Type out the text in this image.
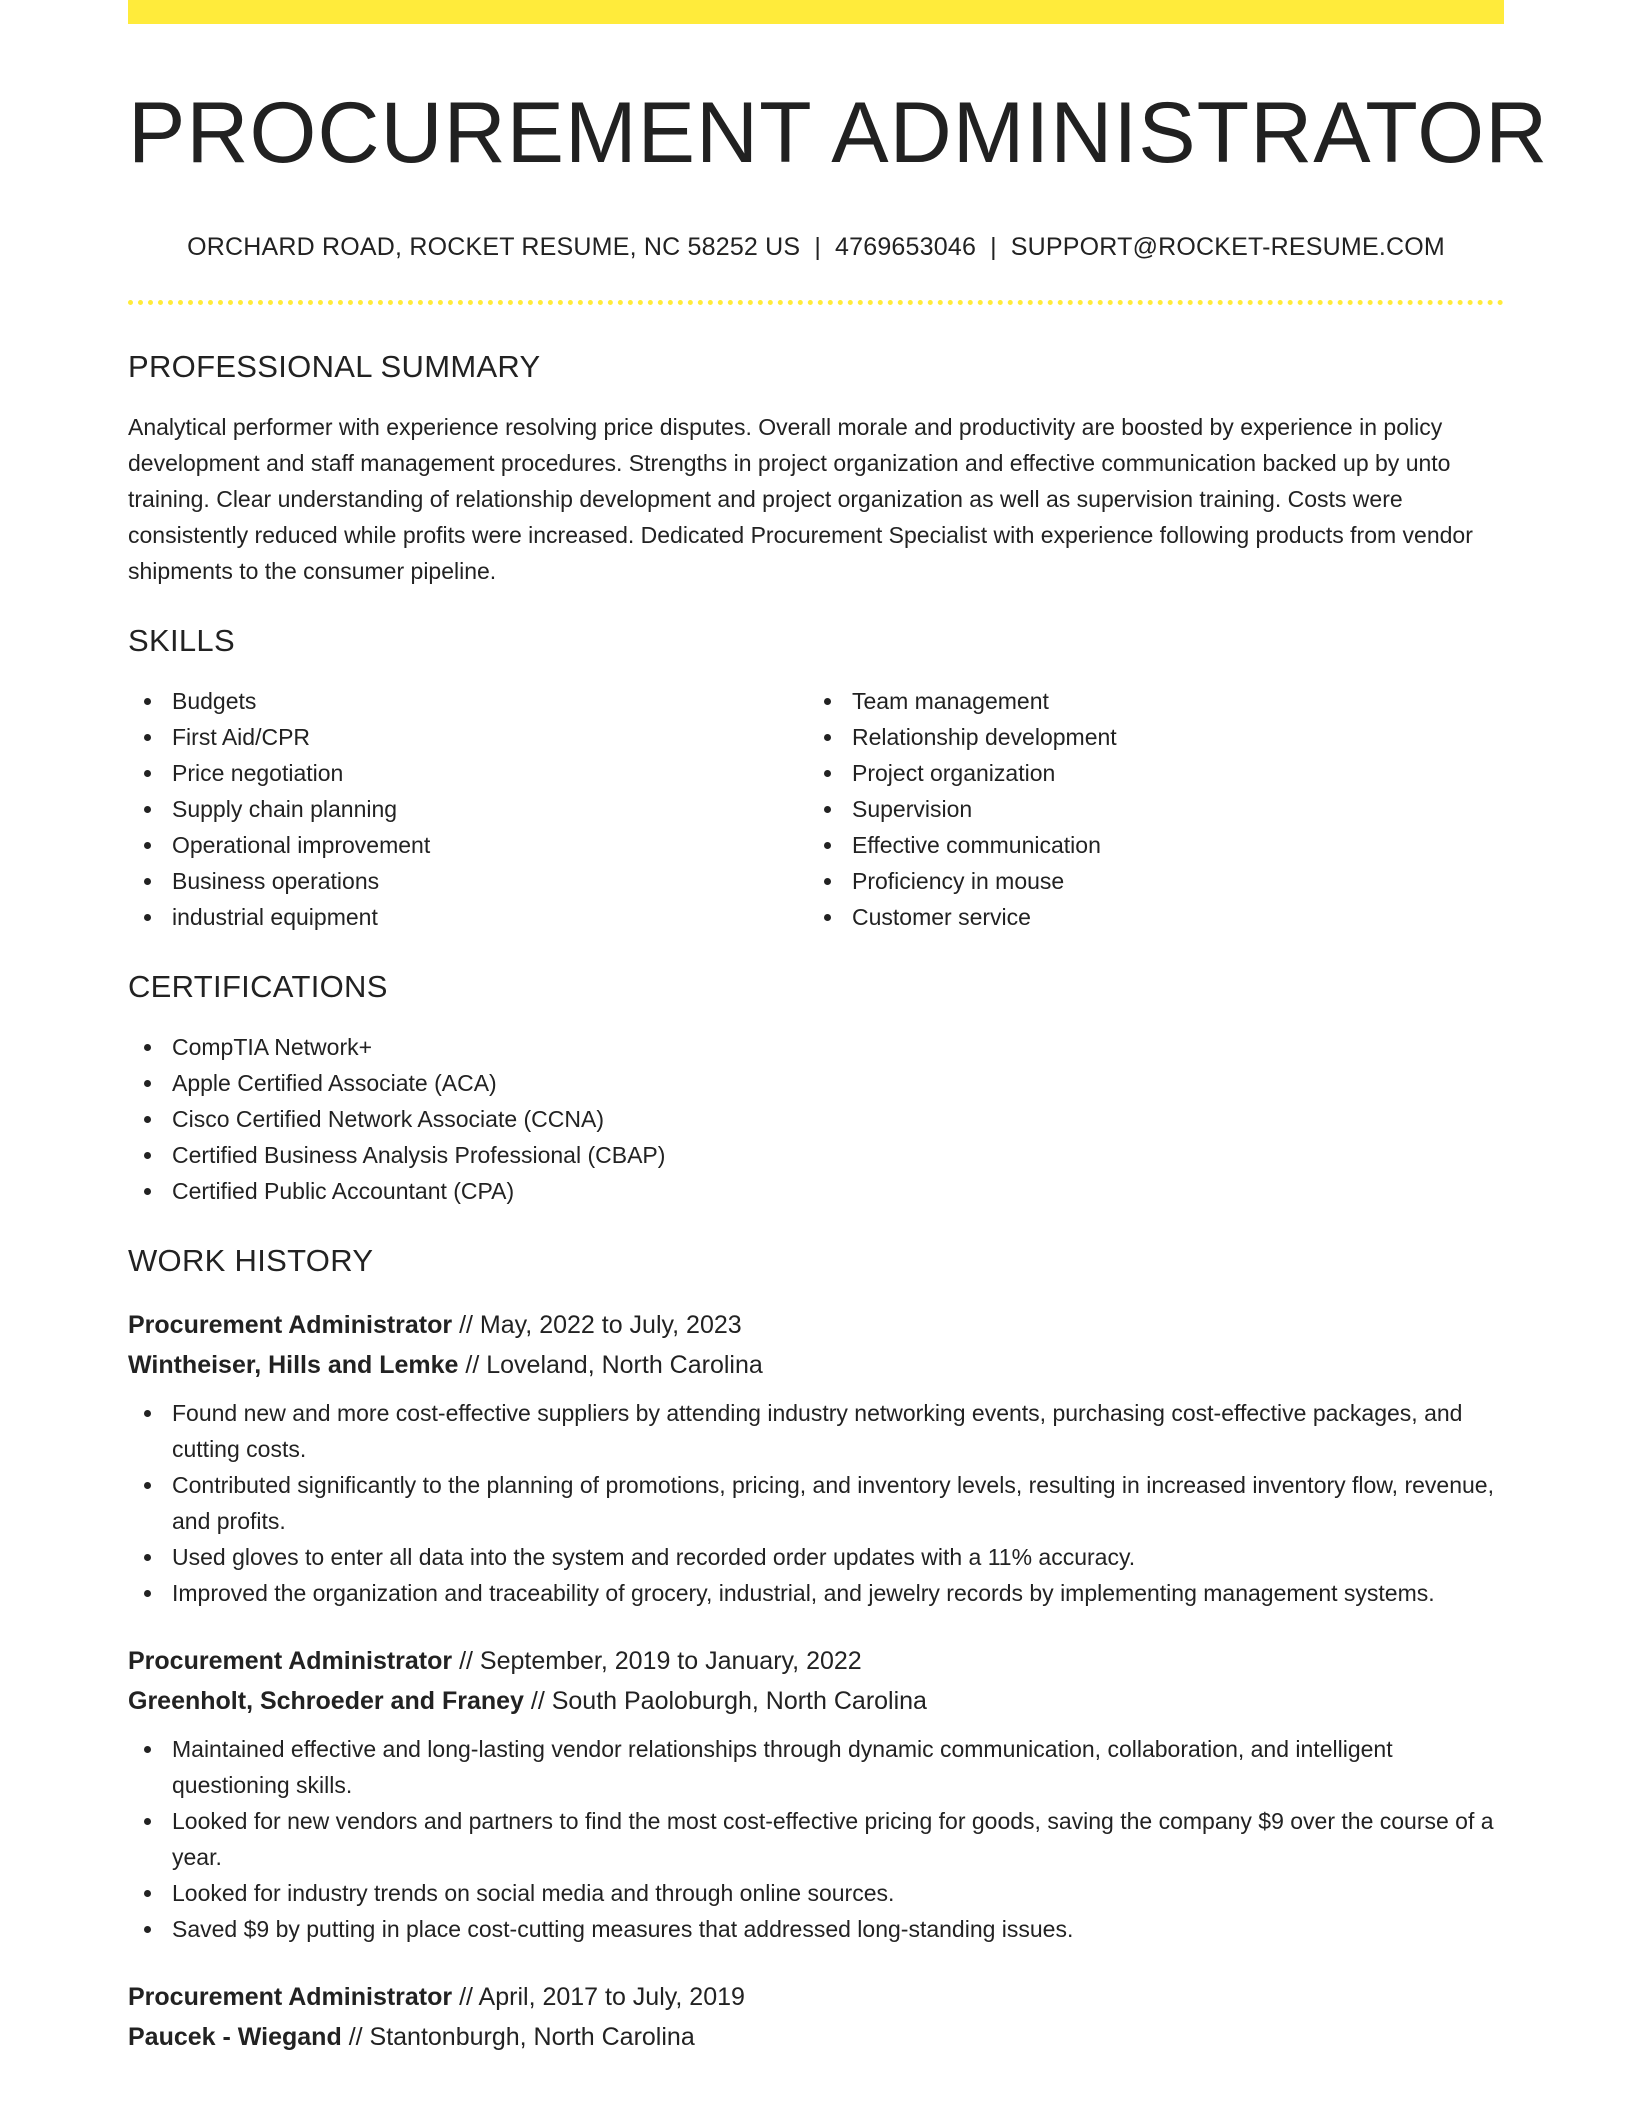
PROCUREMENT ADMINISTRATOR
ORCHARD ROAD, ROCKET RESUME, NC 58252 US | 4769653046 | SUPPORT@ROCKET-RESUME.COM
PROFESSIONAL SUMMARY

Analytical performer with experience resolving price disputes. Overall morale and productivity are boosted by experience in policy development and staff management procedures. Strengths in project organization and effective communication backed up by unto training. Clear understanding of relationship development and project organization as well as supervision training. Costs were consistently reduced while profits were increased. Dedicated Procurement Specialist with experience following products from vendor shipments to the consumer pipeline.

SKILLS
Budgets
First Aid/CPR
Price negotiation
Supply chain planning
Operational improvement
Business operations
industrial equipment
Team management
Relationship development
Project organization
Supervision
Effective communication
Proficiency in mouse
Customer service
CERTIFICATIONS
CompTIA Network+
Apple Certified Associate (ACA)
Cisco Certified Network Associate (CCNA)
Certified Business Analysis Professional (CBAP)
Certified Public Accountant (CPA)
WORK HISTORY
Procurement Administrator // May, 2022 to July, 2023
Wintheiser, Hills and Lemke // Loveland, North Carolina
Found new and more cost-effective suppliers by attending industry networking events, purchasing cost-effective packages, and cutting costs.
Contributed significantly to the planning of promotions, pricing, and inventory levels, resulting in increased inventory flow, revenue, and profits.
Used gloves to enter all data into the system and recorded order updates with a 11% accuracy.
Improved the organization and traceability of grocery, industrial, and jewelry records by implementing management systems.
Procurement Administrator // September, 2019 to January, 2022
Greenholt, Schroeder and Franey // South Paoloburgh, North Carolina
Maintained effective and long-lasting vendor relationships through dynamic communication, collaboration, and intelligent questioning skills.
Looked for new vendors and partners to find the most cost-effective pricing for goods, saving the company $9 over the course of a year.
Looked for industry trends on social media and through online sources.
Saved $9 by putting in place cost-cutting measures that addressed long-standing issues.
Procurement Administrator // April, 2017 to July, 2019
Paucek - Wiegand // Stantonburgh, North Carolina
